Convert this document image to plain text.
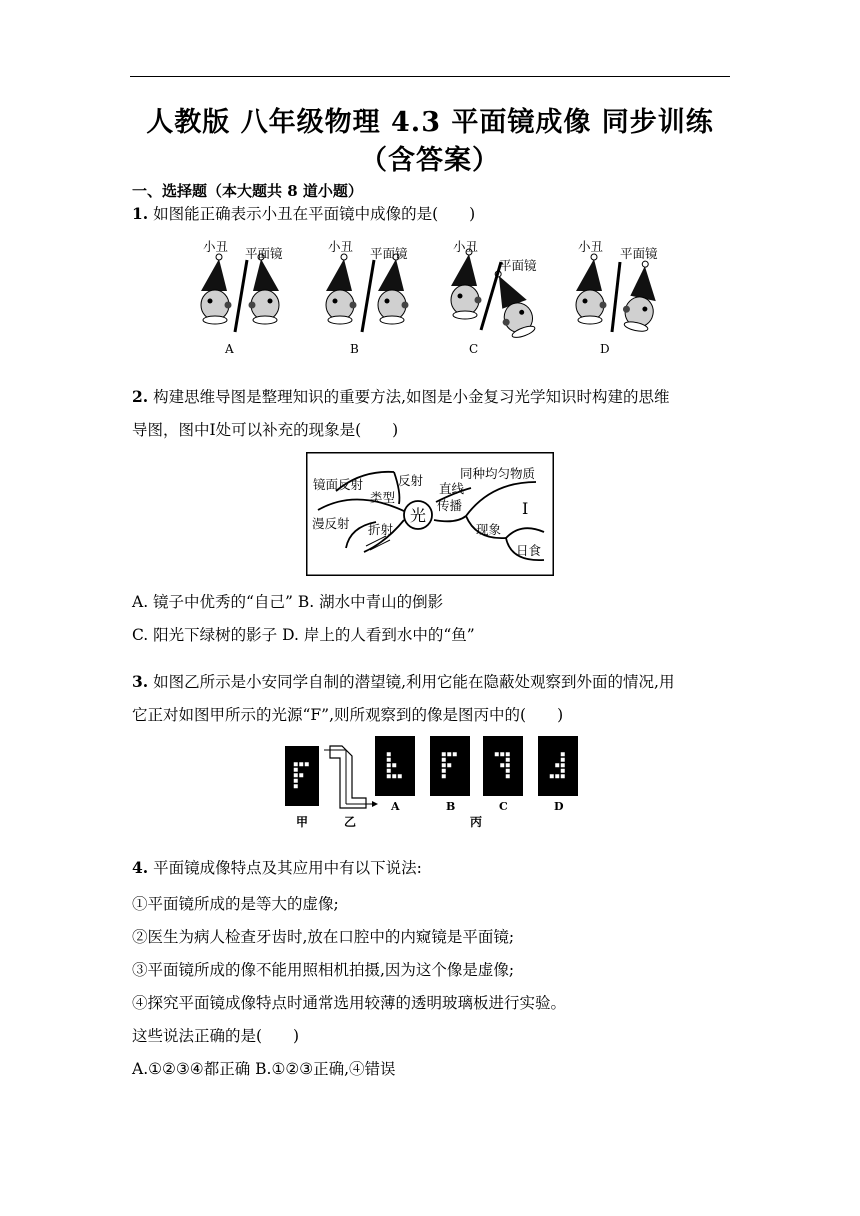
人教版 八年级物理 4.3 平面镜成像 同步训练
（含答案）
一、选择题（本大题共 8 道小题）
1. 如图能正确表示小丑在平面镜中成像的是(　　)
小丑 平面镜
A
小丑 平面镜
B
小丑
平面镜
C
小丑 平面镜
D
2. 构建思维导图是整理知识的重要方法,如图是小金复习光学知识时构建的思维
导图，图中Ⅰ处可以补充的现象是(　　)
光
反射
类型
镜面反射
漫反射 折射
直线
传播
同种均匀物质
现象
Ⅰ
日食
A. 镜子中优秀的“自己” B. 湖水中青山的倒影
C. 阳光下绿树的影子 D. 岸上的人看到水中的“鱼”
3. 如图乙所示是小安同学自制的潜望镜,利用它能在隐蔽处观察到外面的情况,用
它正对如图甲所示的光源“F”,则所观察到的像是图丙中的(　　)
A	B	C	D
甲	乙	丙
4. 平面镜成像特点及其应用中有以下说法:
①平面镜所成的是等大的虚像;
②医生为病人检查牙齿时,放在口腔中的内窥镜是平面镜;
③平面镜所成的像不能用照相机拍摄,因为这个像是虚像;
④探究平面镜成像特点时通常选用较薄的透明玻璃板进行实验。
这些说法正确的是(　　)
A.①②③④都正确 B.①②③正确,④错误
